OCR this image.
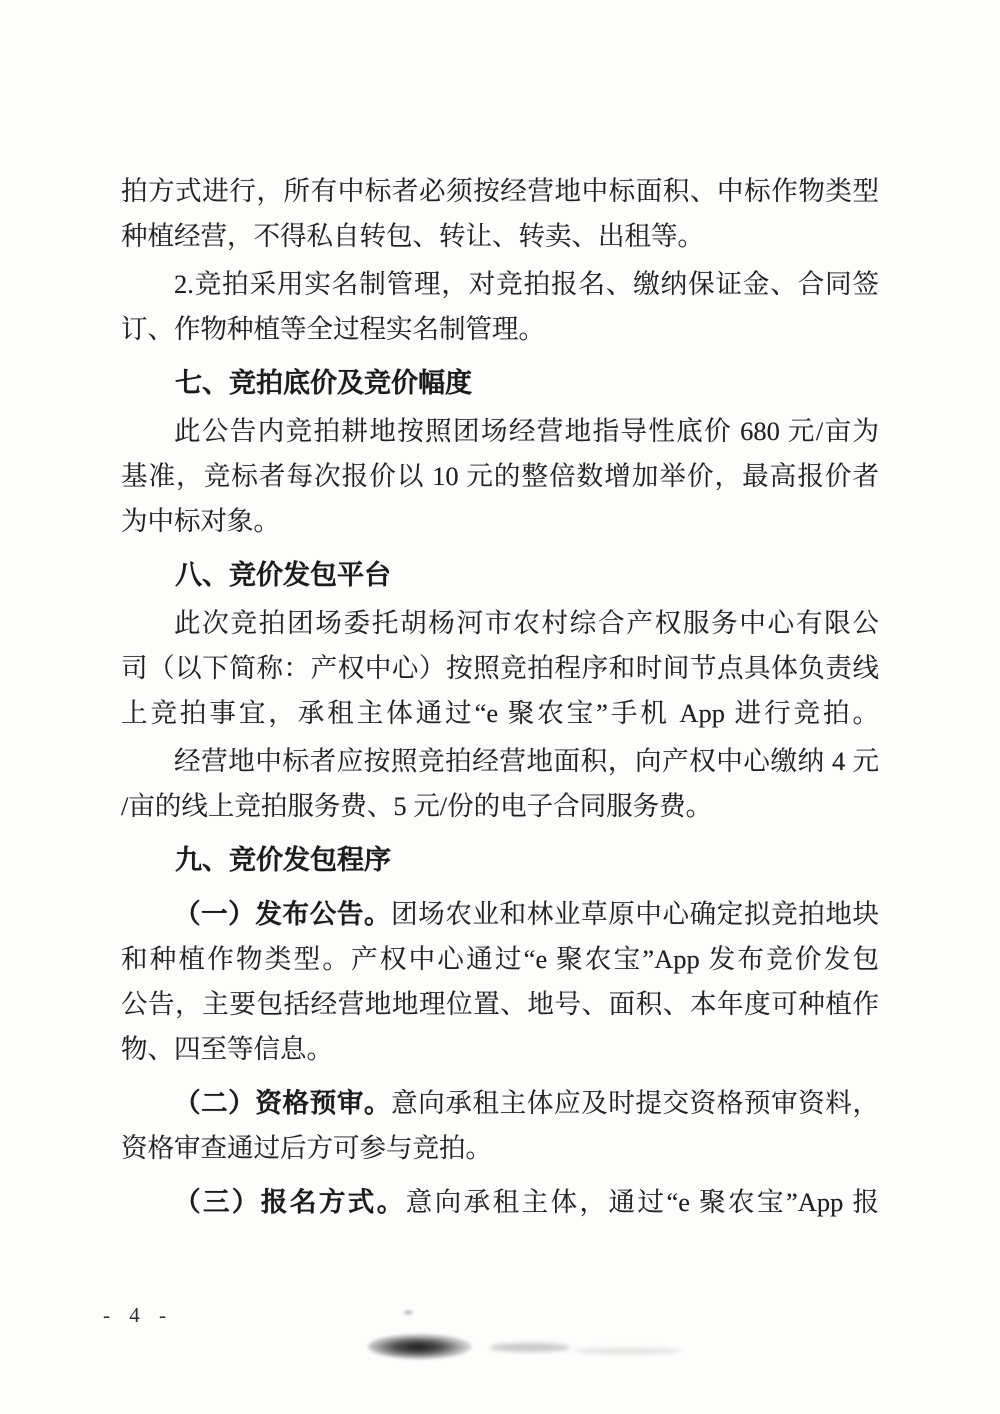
拍方式进行，所有中标者必须按经营地中标面积、中标作物类型
种植经营，不得私自转包、转让、转卖、出租等。
2.竞拍采用实名制管理，对竞拍报名、缴纳保证金、合同签
订、作物种植等全过程实名制管理。
七、竞拍底价及竞价幅度
此公告内竞拍耕地按照团场经营地指导性底价 680 元/亩为
基准，竞标者每次报价以 10 元的整倍数增加举价，最高报价者
为中标对象。
八、竞价发包平台
此次竞拍团场委托胡杨河市农村综合产权服务中心有限公
司（以下简称：产权中心）按照竞拍程序和时间节点具体负责线
上竞拍事宜，承租主体通过“e 聚农宝”手机 App 进行竞拍。
经营地中标者应按照竞拍经营地面积，向产权中心缴纳 4 元
/亩的线上竞拍服务费、5 元/份的电子合同服务费。
九、竞价发包程序
（一）发布公告。团场农业和林业草原中心确定拟竞拍地块
和种植作物类型。产权中心通过“e 聚农宝”App 发布竞价发包
公告，主要包括经营地地理位置、地号、面积、本年度可种植作
物、四至等信息。
（二）资格预审。意向承租主体应及时提交资格预审资料，
资格审查通过后方可参与竞拍。
（三）报名方式。意向承租主体，通过“e 聚农宝”App 报
- 4 -
